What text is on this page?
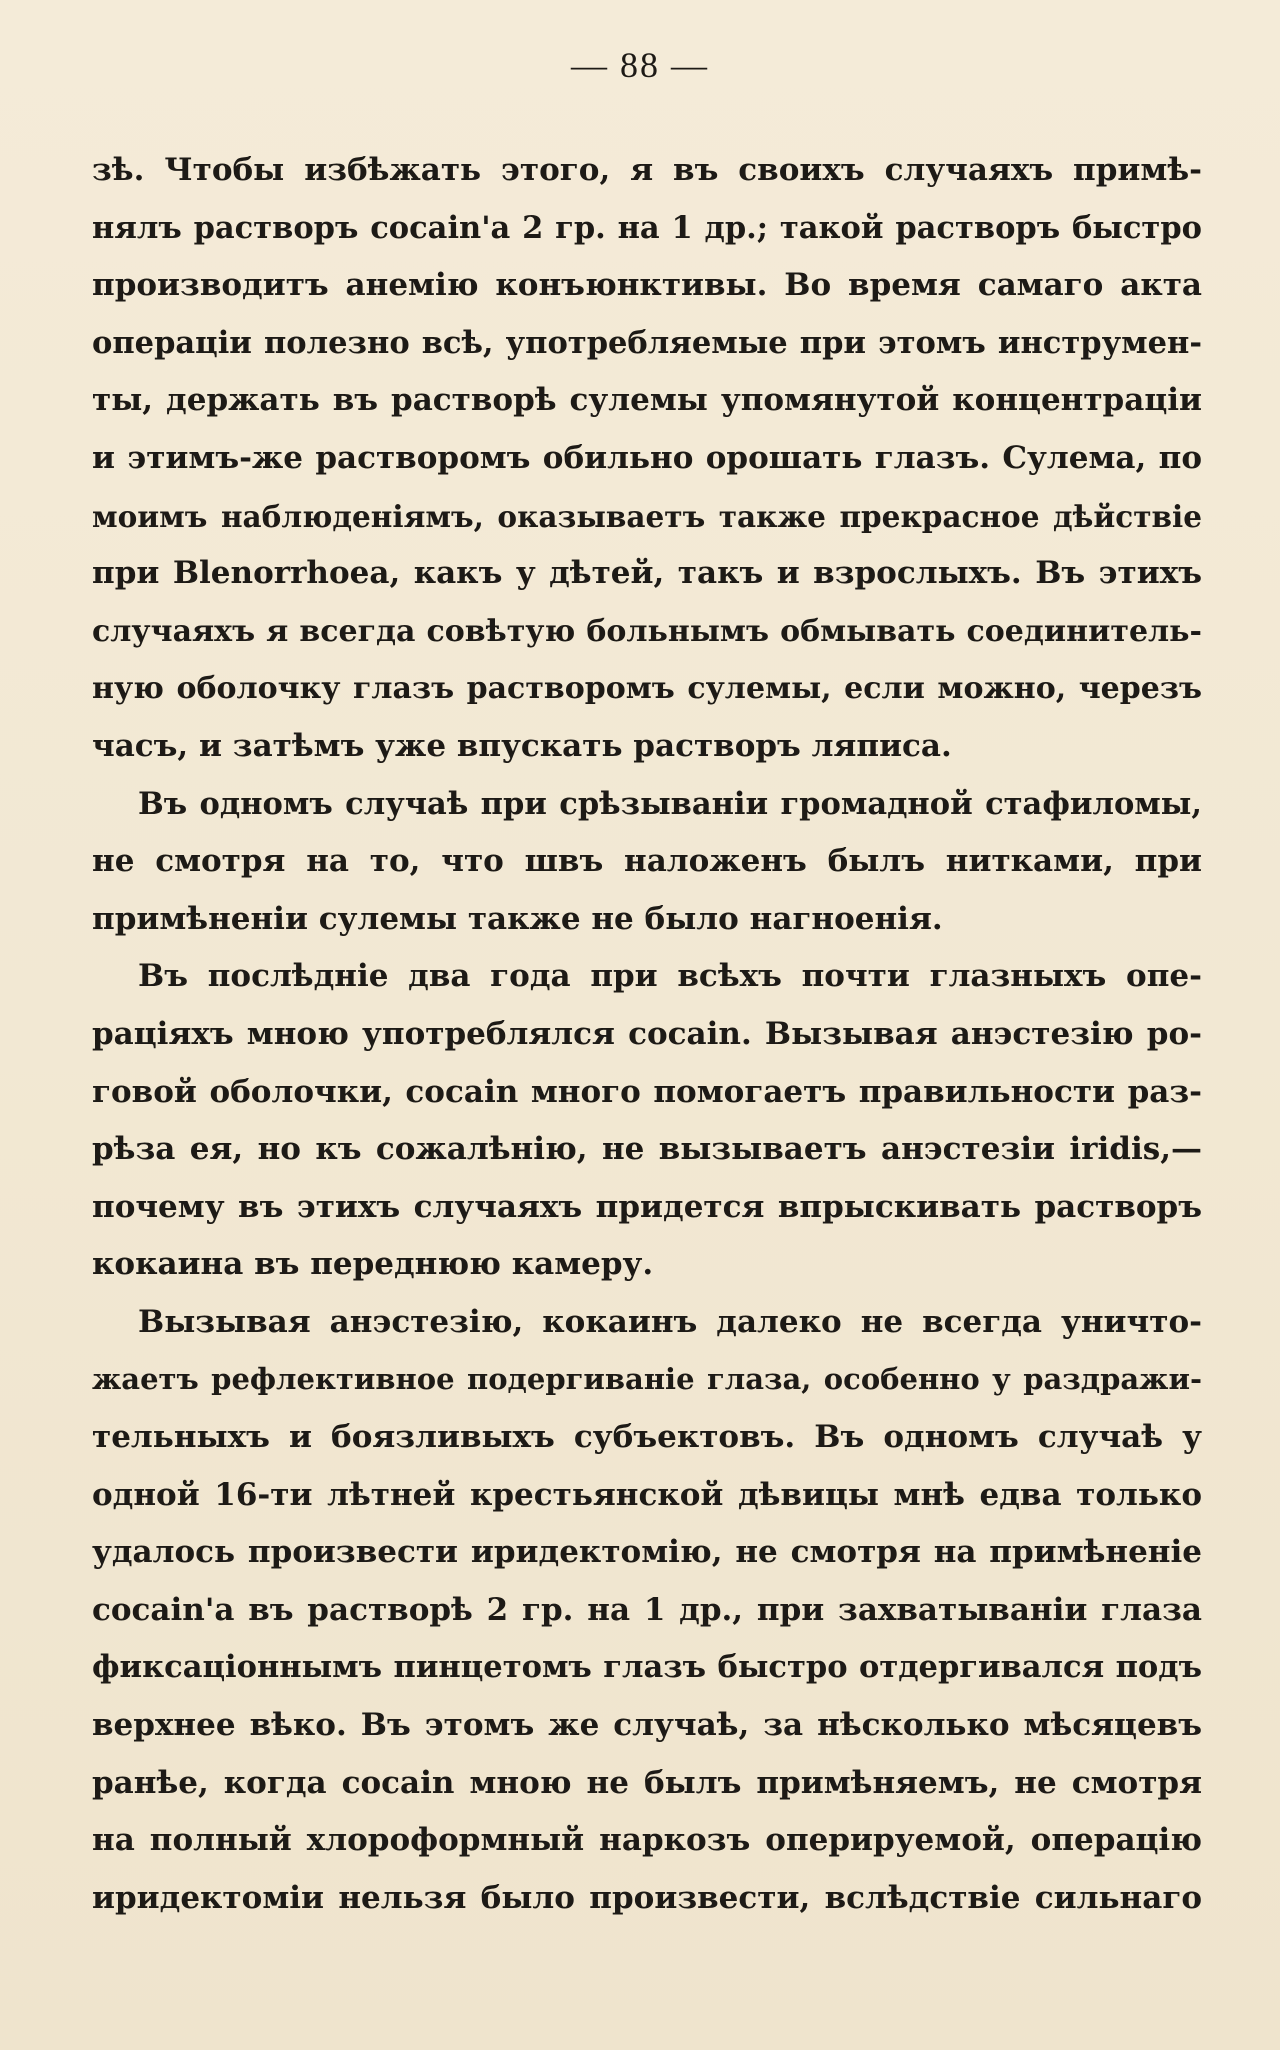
— 88 —
зѣ. Чтобы избѣжать этого, я въ своихъ случаяхъ примѣ-
нялъ растворъ cocain'a 2 гр. на 1 др.; такой растворъ быстро
производитъ анемію конъюнктивы. Во время самаго акта
операціи полезно всѣ, употребляемые при этомъ инструмен-
ты, держать въ растворѣ сулемы упомянутой концентраціи
и этимъ-же растворомъ обильно орошать глазъ. Сулема, по
моимъ наблюденіямъ, оказываетъ также прекрасное дѣйствіе
при Blenorrhoea, какъ у дѣтей, такъ и взрослыхъ. Въ этихъ
случаяхъ я всегда совѣтую больнымъ обмывать соединитель-
ную оболочку глазъ растворомъ сулемы, если можно, черезъ
часъ, и затѣмъ уже впускать растворъ ляписа.
Въ одномъ случаѣ при срѣзываніи громадной стафиломы,
не смотря на то, что швъ наложенъ былъ нитками, при
примѣненіи сулемы также не было нагноенія.
Въ послѣдніе два года при всѣхъ почти глазныхъ опе-
раціяхъ мною употреблялся cocain. Вызывая анэстезію ро-
говой оболочки, cocain много помогаетъ правильности раз-
рѣза ея, но къ сожалѣнію, не вызываетъ анэстезіи iridis,—
почему въ этихъ случаяхъ придется впрыскивать растворъ
кокаина въ переднюю камеру.
Вызывая анэстезію, кокаинъ далеко не всегда уничто-
жаетъ рефлективное подергиваніе глаза, особенно у раздражи-
тельныхъ и боязливыхъ субъектовъ. Въ одномъ случаѣ у
одной 16-ти лѣтней крестьянской дѣвицы мнѣ едва только
удалось произвести иридектомію, не смотря на примѣненіе
cocain'a въ растворѣ 2 гр. на 1 др., при захватываніи глаза
фиксаціоннымъ пинцетомъ глазъ быстро отдергивался подъ
верхнее вѣко. Въ этомъ же случаѣ, за нѣсколько мѣсяцевъ
ранѣе, когда cocain мною не былъ примѣняемъ, не смотря
на полный хлороформный наркозъ оперируемой, операцію
иридектоміи нельзя было произвести, вслѣдствіе сильнаго
